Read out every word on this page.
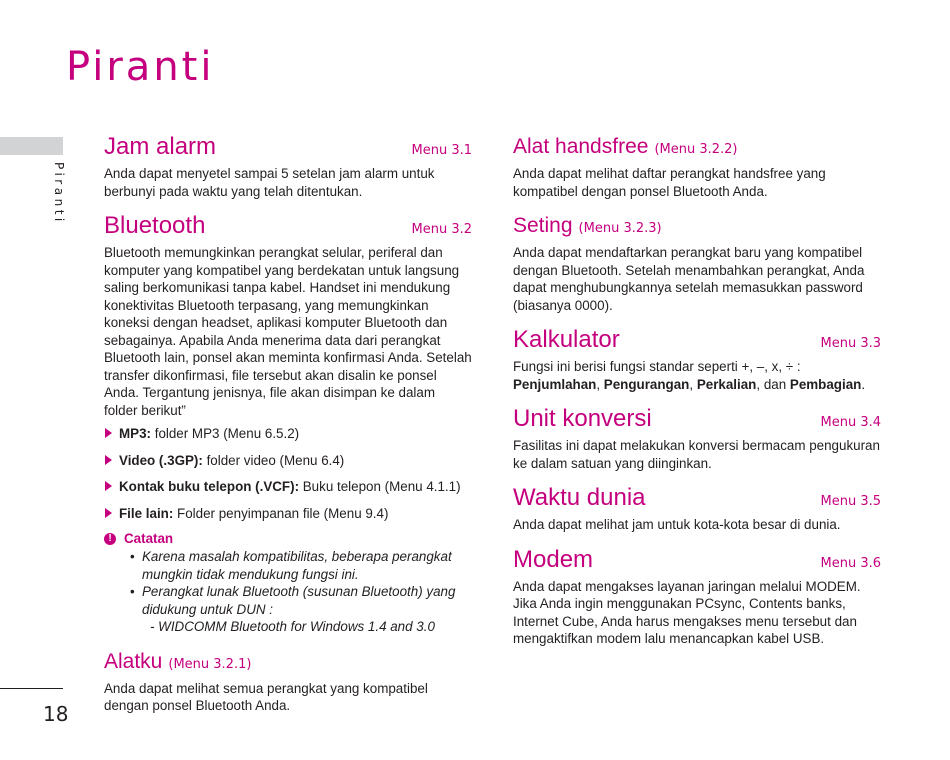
Piranti
Piranti
18
Jam alarm	Menu 3.1

Anda dapat menyetel sampai 5 setelan jam alarm untuk berbunyi pada waktu yang telah ditentukan.

Bluetooth	Menu 3.2

Bluetooth memungkinkan perangkat selular, periferal dan komputer yang kompatibel yang berdekatan untuk langsung saling berkomunikasi tanpa kabel. Handset ini mendukung konektivitas Bluetooth terpasang, yang memungkinkan koneksi dengan headset, aplikasi komputer Bluetooth dan sebagainya. Apabila Anda menerima data dari perangkat Bluetooth lain, ponsel akan meminta konfirmasi Anda. Setelah transfer dikonfirmasi, file tersebut akan disalin ke ponsel Anda. Tergantung jenisnya, file akan disimpan ke dalam folder berikut”

MP3: folder MP3 (Menu 6.5.2)
Video (.3GP): folder video (Menu 6.4)
Kontak buku telepon (.VCF): Buku telepon (Menu 4.1.1)
File lain: Folder penyimpanan file (Menu 9.4)
! Catatan
• Karena masalah kompatibilitas, beberapa perangkat mungkin tidak mendukung fungsi ini.
• Perangkat lunak Bluetooth (susunan Bluetooth) yang didukung untuk DUN :
- WIDCOMM Bluetooth for Windows 1.4 and 3.0
Alatku (Menu 3.2.1)

Anda dapat melihat semua perangkat yang kompatibel dengan ponsel Bluetooth Anda.

Alat handsfree (Menu 3.2.2)

Anda dapat melihat daftar perangkat handsfree yang kompatibel dengan ponsel Bluetooth Anda.

Seting (Menu 3.2.3)

Anda dapat mendaftarkan perangkat baru yang kompatibel dengan Bluetooth. Setelah menambahkan perangkat, Anda dapat menghubungkannya setelah memasukkan password (biasanya 0000).

Kalkulator	Menu 3.3

Fungsi ini berisi fungsi standar seperti +, –, x, ÷ :
Penjumlahan, Pengurangan, Perkalian, dan Pembagian.

Unit konversi	Menu 3.4

Fasilitas ini dapat melakukan konversi bermacam pengukuran ke dalam satuan yang diinginkan.

Waktu dunia	Menu 3.5

Anda dapat melihat jam untuk kota-kota besar di dunia.

Modem	Menu 3.6

Anda dapat mengakses layanan jaringan melalui MODEM. Jika Anda ingin menggunakan PCsync, Contents banks, Internet Cube, Anda harus mengakses menu tersebut dan mengaktifkan modem lalu menancapkan kabel USB.
